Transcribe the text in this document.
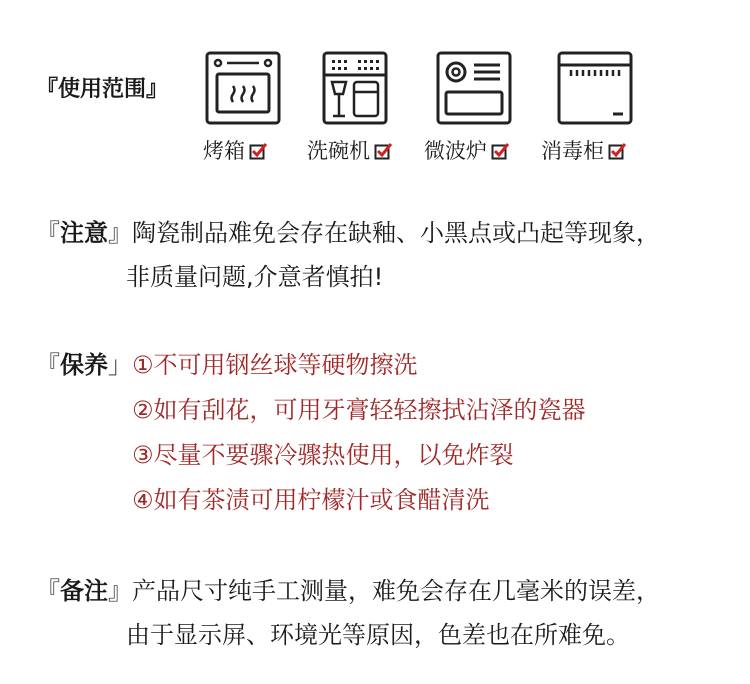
『使用范围』
烤箱	洗碗机	微波炉	消毒柜
『注意』陶瓷制品难免会存在缺釉、小黑点或凸起等现象，
非质量问题,介意者慎拍!
『保养」①不可用钢丝球等硬物擦洗
②如有刮花，可用牙膏轻轻擦拭沾泽的瓷器
③尽量不要骤冷骤热使用，以免炸裂
④如有茶渍可用柠檬汁或食醋清洗
『备注』产品尺寸纯手工测量，难免会存在几毫米的误差，
由于显示屏、环境光等原因，色差也在所难免。
